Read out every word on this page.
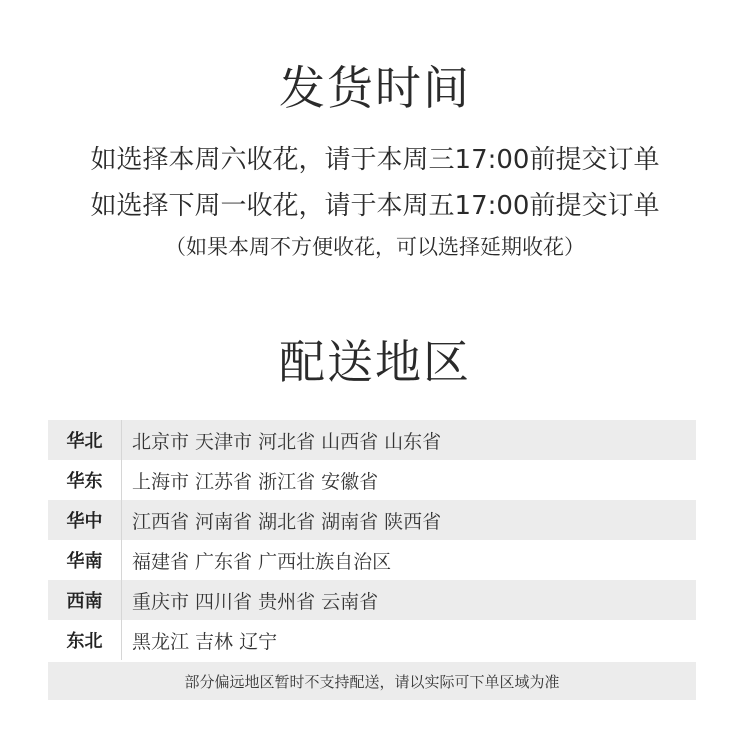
发货时间
如选择本周六收花，请于本周三17:00前提交订单
如选择下周一收花，请于本周五17:00前提交订单
（如果本周不方便收花，可以选择延期收花）
配送地区
华北	北京市 天津市 河北省 山西省 山东省
华东	上海市 江苏省 浙江省 安徽省
华中	江西省 河南省 湖北省 湖南省 陕西省
华南	福建省 广东省 广西壮族自治区
西南	重庆市 四川省 贵州省 云南省
东北	黑龙江 吉林 辽宁
部分偏远地区暂时不支持配送，请以实际可下单区域为准
